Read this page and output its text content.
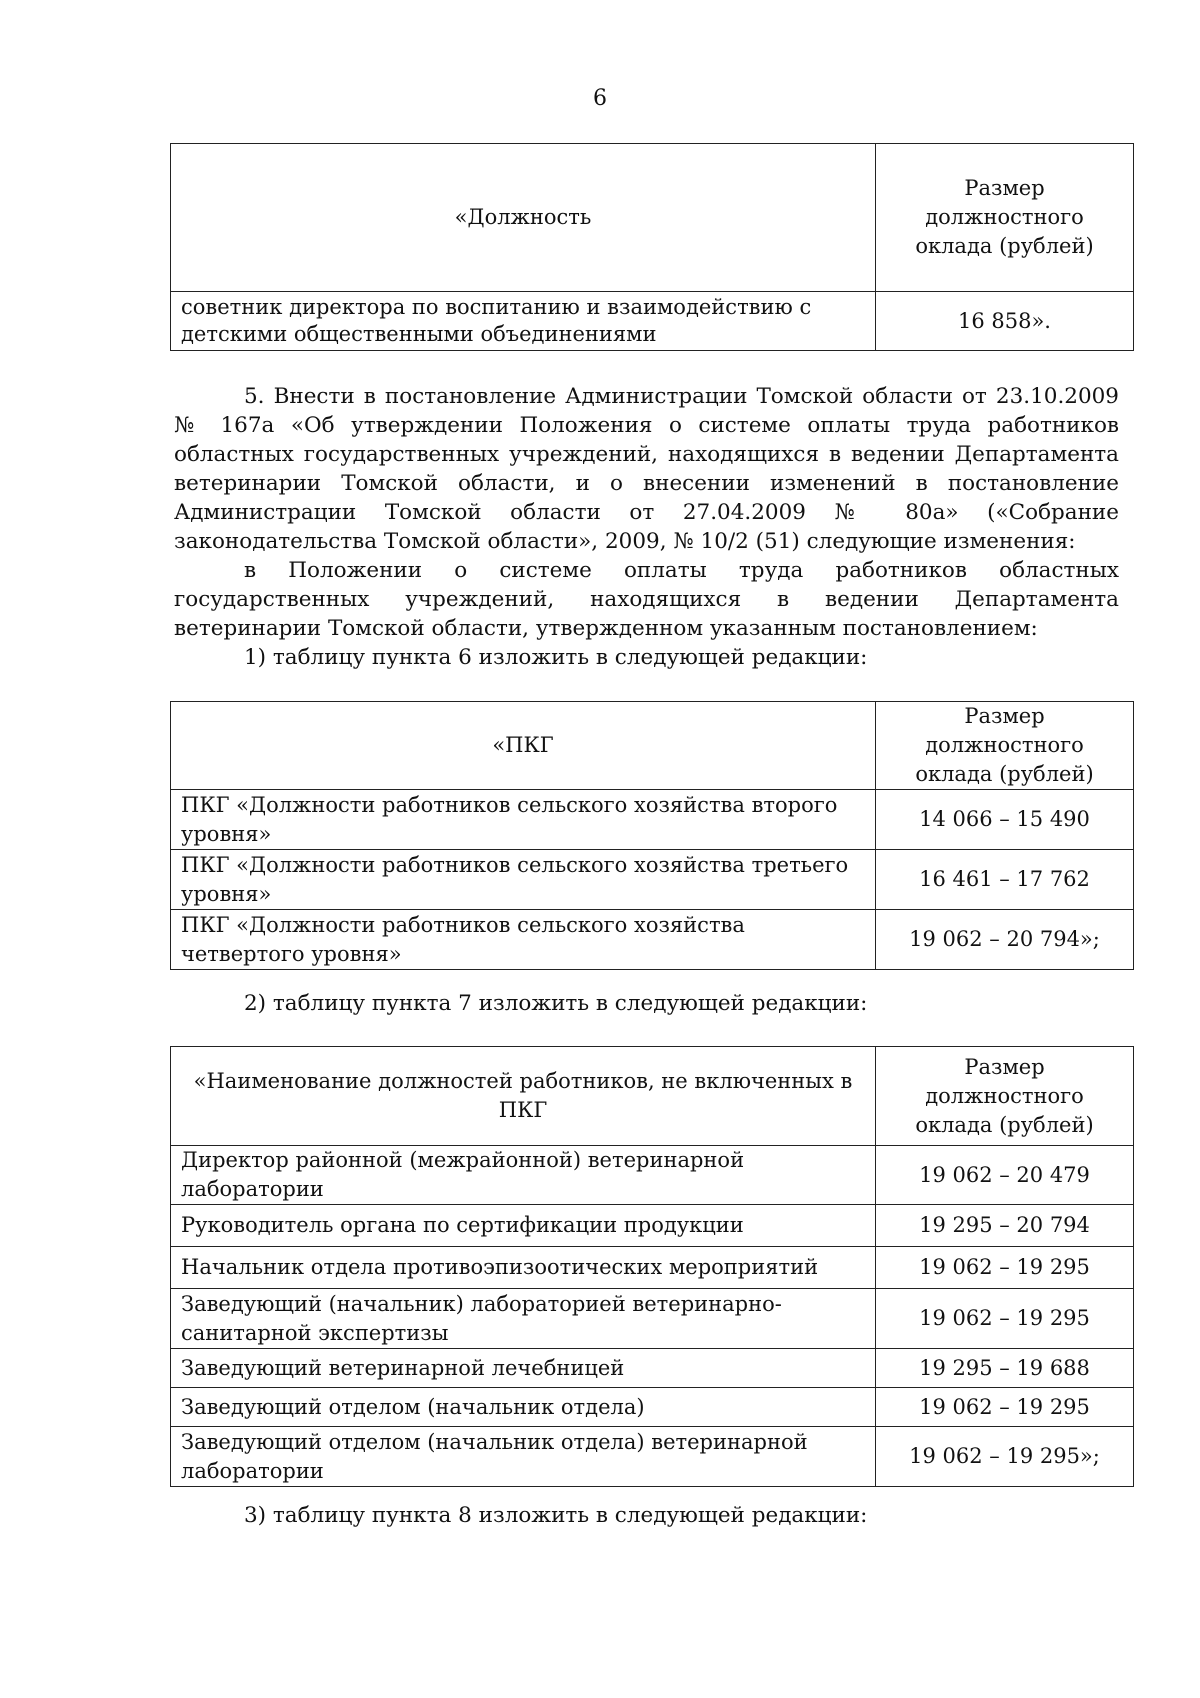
6
«Должность	Размер должностного оклада (рублей)
советник директора по воспитанию и взаимодействию с детскими общественными объединениями	16 858».

5. Внести в постановление Администрации Томской области от 23.10.2009 № 167а «Об утверждении Положения о системе оплаты труда работников областных государственных учреждений, находящихся в ведении Департамента ветеринарии Томской области, и о внесении изменений в постановление Администрации Томской области от 27.04.2009 № 80а» («Собрание законодательства Томской области», 2009, № 10/2 (51) следующие изменения:

в Положении о системе оплаты труда работников областных государственных учреждений, находящихся в ведении Департамента ветеринарии Томской области, утвержденном указанным постановлением:

1) таблицу пункта 6 изложить в следующей редакции:

«ПКГ	Размер должностного оклада (рублей)
ПКГ «Должности работников сельского хозяйства второго уровня»	14 066 – 15 490
ПКГ «Должности работников сельского хозяйства третьего уровня»	16 461 – 17 762
ПКГ «Должности работников сельского хозяйства четвертого уровня»	19 062 – 20 794»;

2) таблицу пункта 7 изложить в следующей редакции:

«Наименование должностей работников, не включенных в ПКГ	Размер должностного оклада (рублей)
Директор районной (межрайонной) ветеринарной лаборатории	19 062 – 20 479
Руководитель органа по сертификации продукции	19 295 – 20 794
Начальник отдела противоэпизоотических мероприятий	19 062 – 19 295
Заведующий (начальник) лабораторией ветеринарно-санитарной экспертизы	19 062 – 19 295
Заведующий ветеринарной лечебницей	19 295 – 19 688
Заведующий отделом (начальник отдела)	19 062 – 19 295
Заведующий отделом (начальник отдела) ветеринарной лаборатории	19 062 – 19 295»;

3) таблицу пункта 8 изложить в следующей редакции:
